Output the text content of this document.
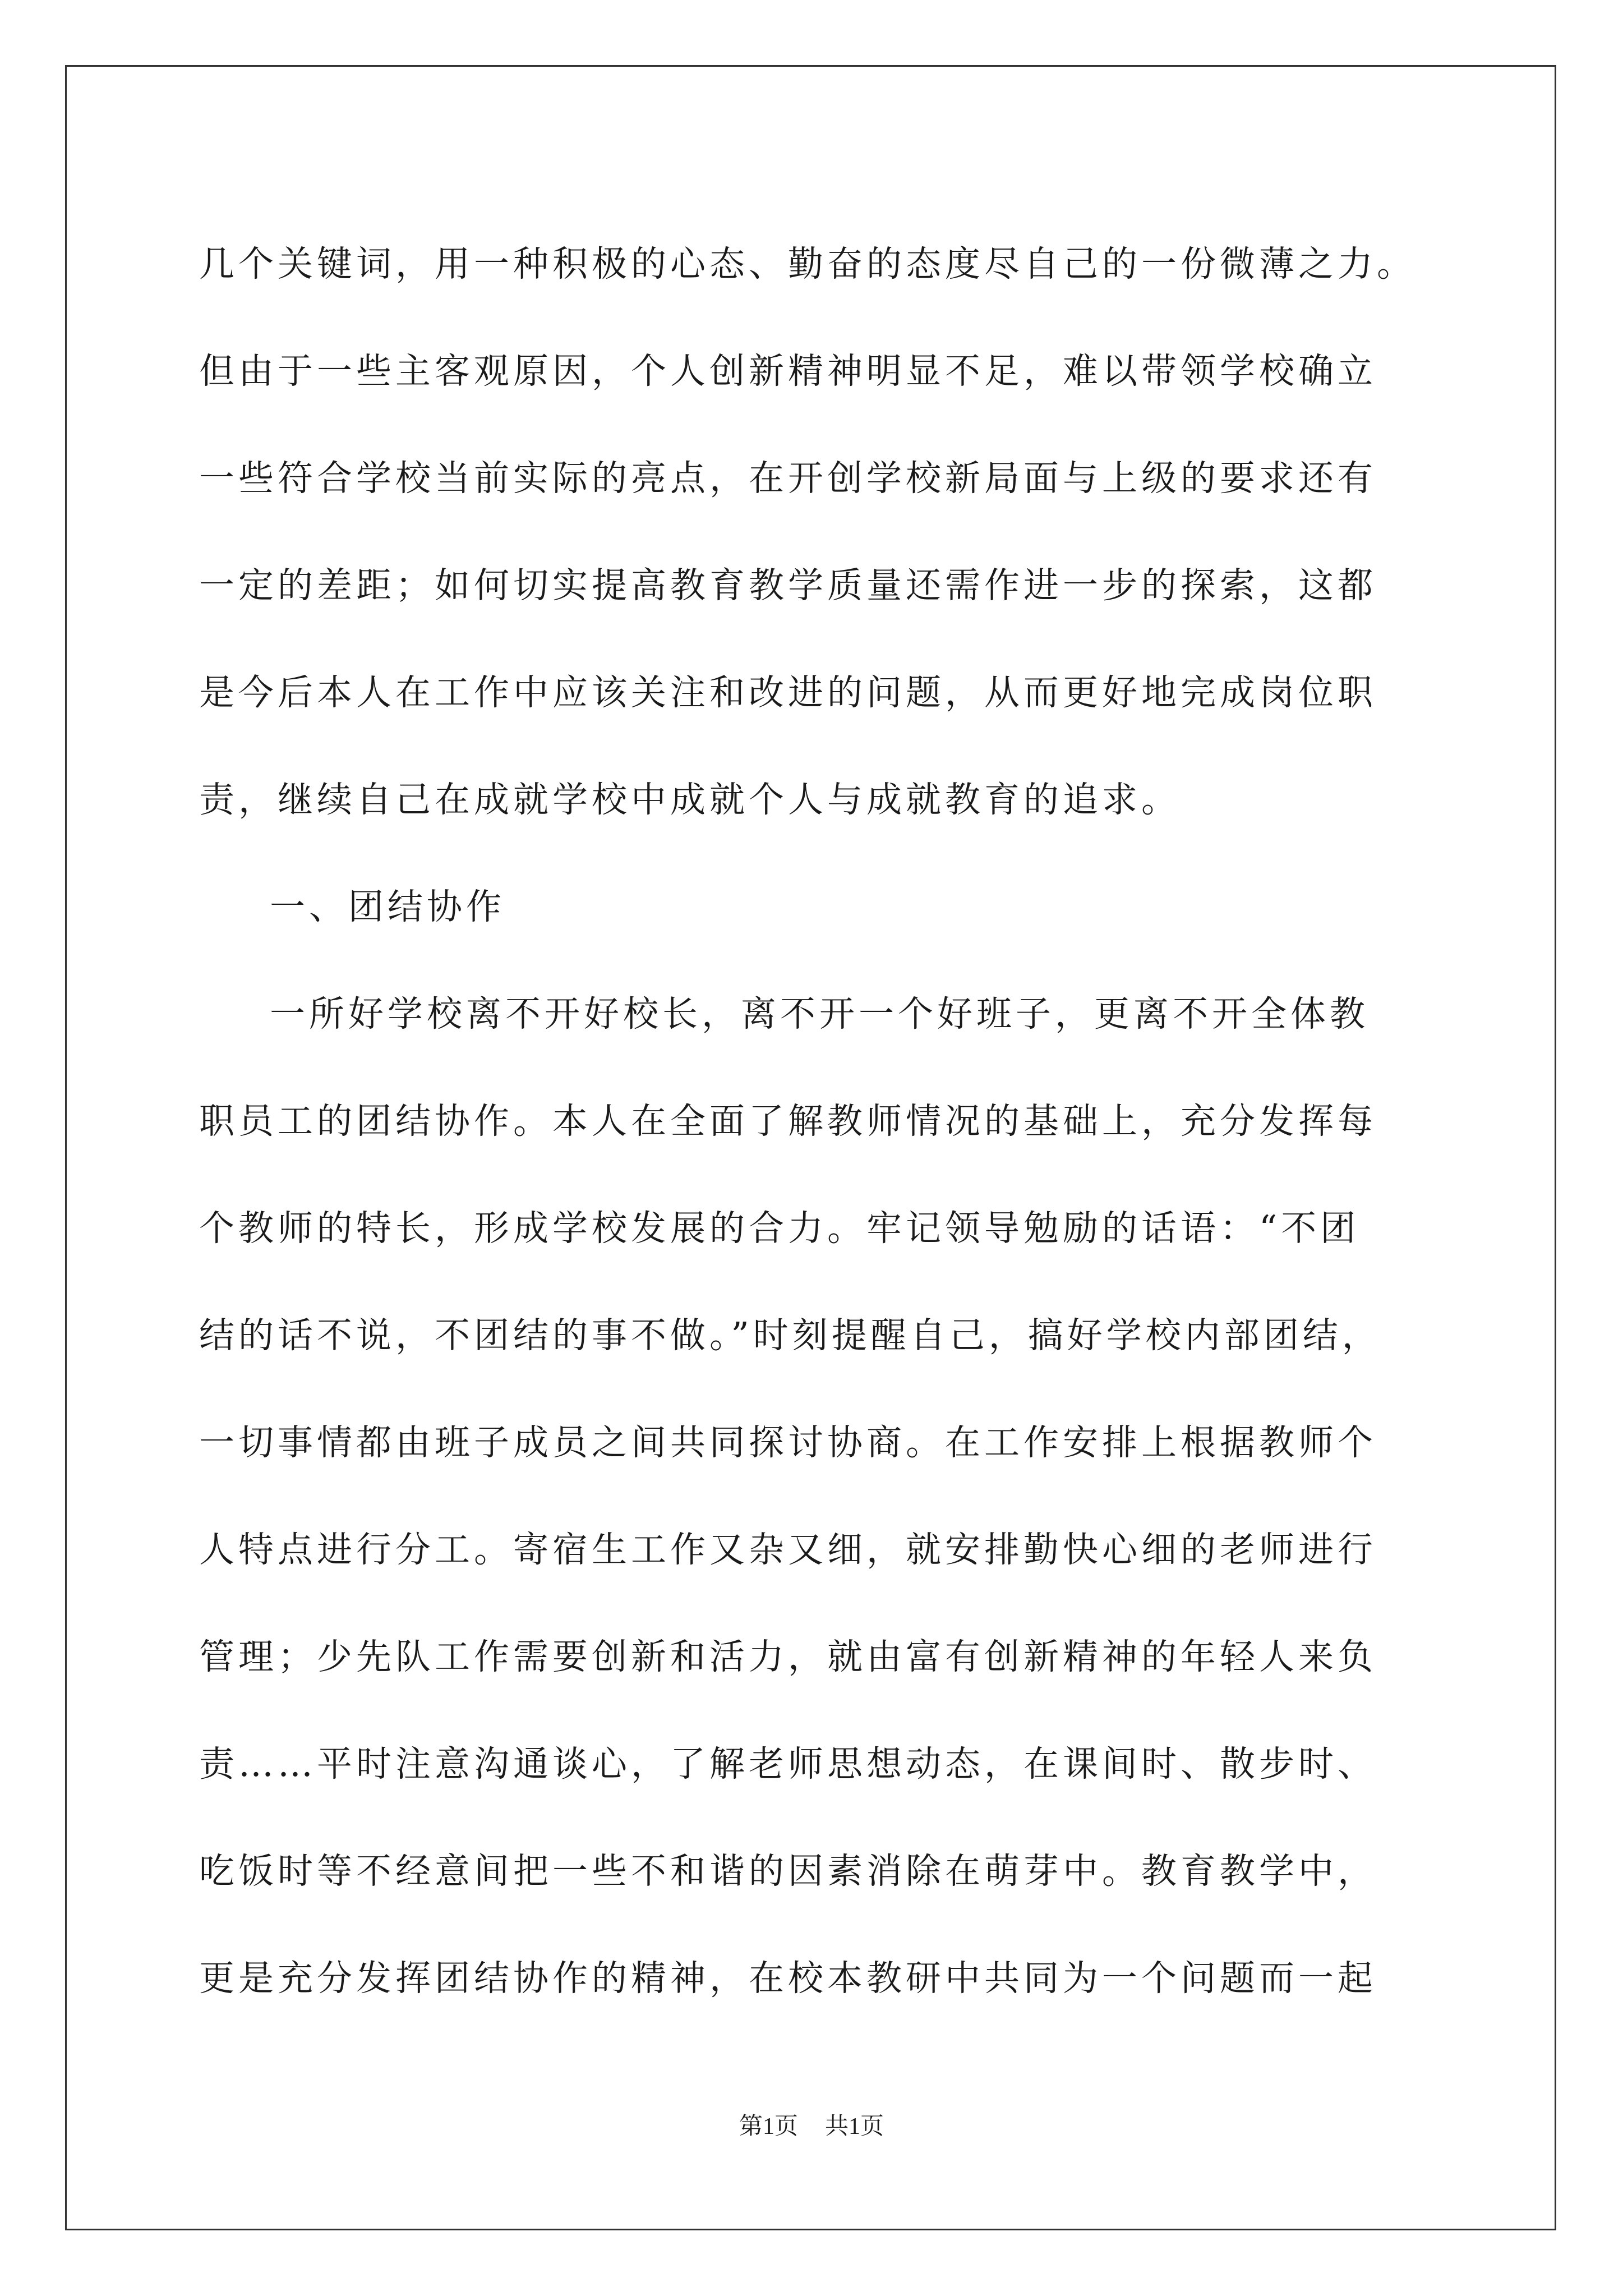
几个关键词，用一种积极的心态、勤奋的态度尽自己的一份微薄之力。
但由于一些主客观原因，个人创新精神明显不足，难以带领学校确立
一些符合学校当前实际的亮点，在开创学校新局面与上级的要求还有
一定的差距；如何切实提高教育教学质量还需作进一步的探索，这都
是今后本人在工作中应该关注和改进的问题，从而更好地完成岗位职
责，继续自己在成就学校中成就个人与成就教育的追求。
一、团结协作
一所好学校离不开好校长，离不开一个好班子，更离不开全体教
职员工的团结协作。本人在全面了解教师情况的基础上，充分发挥每
个教师的特长，形成学校发展的合力。牢记领导勉励的话语：“不团
结的话不说，不团结的事不做。”时刻提醒自己，搞好学校内部团结，
一切事情都由班子成员之间共同探讨协商。在工作安排上根据教师个
人特点进行分工。寄宿生工作又杂又细，就安排勤快心细的老师进行
管理；少先队工作需要创新和活力，就由富有创新精神的年轻人来负
责……平时注意沟通谈心，了解老师思想动态，在课间时、散步时、
吃饭时等不经意间把一些不和谐的因素消除在萌芽中。教育教学中，
更是充分发挥团结协作的精神，在校本教研中共同为一个问题而一起
第1页 共1页
